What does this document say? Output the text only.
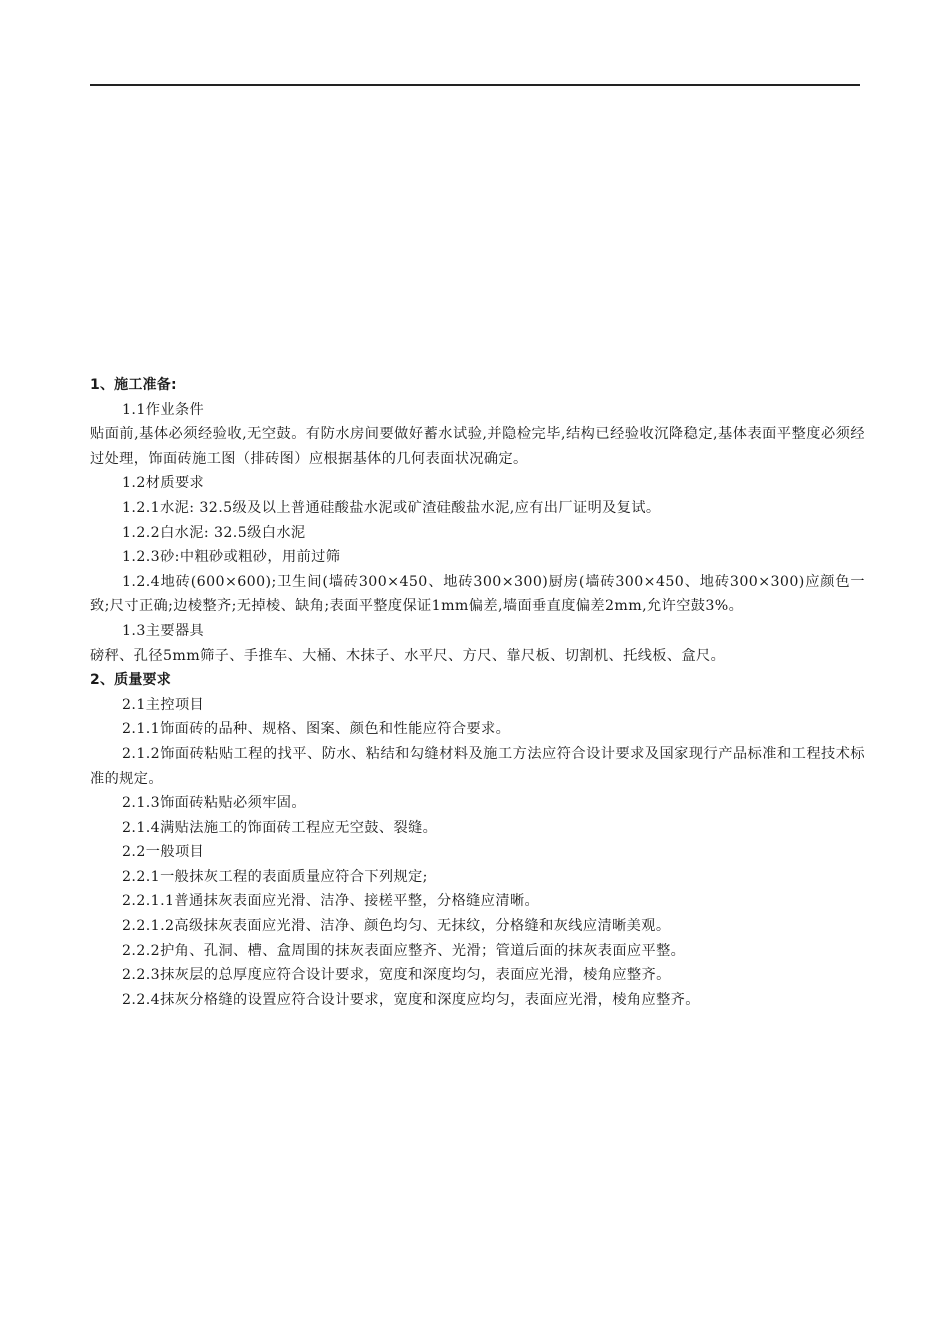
1、施工准备:
1.1作业条件
贴面前,基体必须经验收,无空鼓。有防水房间要做好蓄水试验,并隐检完毕,结构已经验收沉降稳定,基体表面平整度必须经过处理，饰面砖施工图（排砖图）应根据基体的几何表面状况确定。
1.2材质要求
1.2.1水泥: 32.5级及以上普通硅酸盐水泥或矿渣硅酸盐水泥,应有出厂证明及复试。
1.2.2白水泥: 32.5级白水泥
1.2.3砂:中粗砂或粗砂，用前过筛
1.2.4地砖(600×600);卫生间(墙砖300×450、地砖300×300)厨房(墙砖300×450、地砖300×300)应颜色一致;尺寸正确;边棱整齐;无掉棱、缺角;表面平整度保证1mm偏差,墙面垂直度偏差2mm,允许空鼓3%。
1.3主要器具
磅秤、孔径5mm筛子、手推车、大桶、木抹子、水平尺、方尺、靠尺板、切割机、托线板、盒尺。
2、质量要求
2.1主控项目
2.1.1饰面砖的品种、规格、图案、颜色和性能应符合要求。
2.1.2饰面砖粘贴工程的找平、防水、粘结和勾缝材料及施工方法应符合设计要求及国家现行产品标准和工程技术标准的规定。
2.1.3饰面砖粘贴必须牢固。
2.1.4满贴法施工的饰面砖工程应无空鼓、裂缝。
2.2一般项目
2.2.1一般抹灰工程的表面质量应符合下列规定;
2.2.1.1普通抹灰表面应光滑、洁净、接槎平整，分格缝应清晰。
2.2.1.2高级抹灰表面应光滑、洁净、颜色均匀、无抹纹，分格缝和灰线应清晰美观。
2.2.2护角、孔洞、槽、盒周围的抹灰表面应整齐、光滑；管道后面的抹灰表面应平整。
2.2.3抹灰层的总厚度应符合设计要求，宽度和深度均匀，表面应光滑，棱角应整齐。
2.2.4抹灰分格缝的设置应符合设计要求，宽度和深度应均匀，表面应光滑，棱角应整齐。
